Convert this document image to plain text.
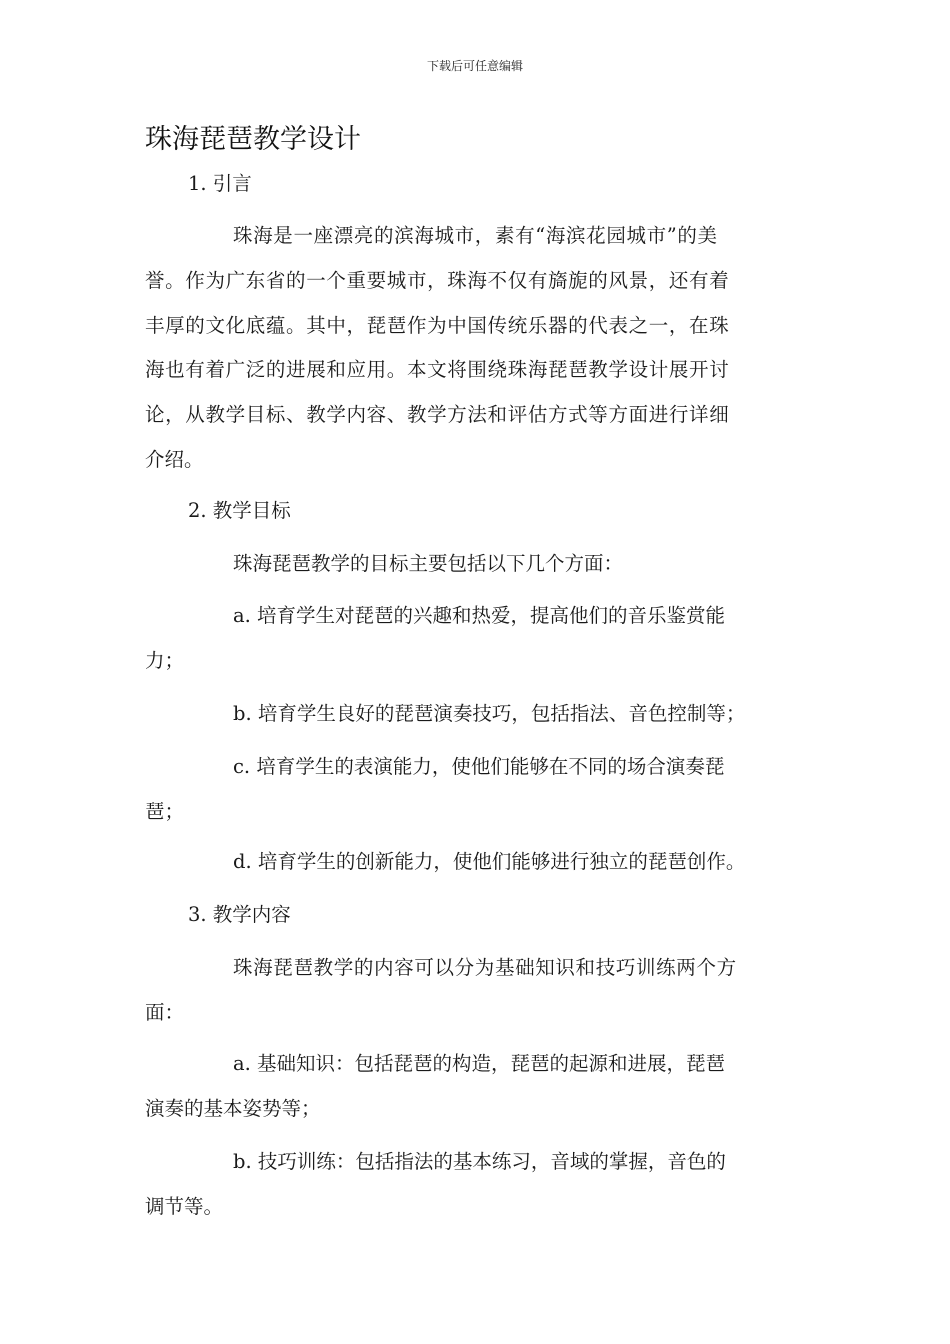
下载后可任意编辑
珠海琵琶教学设计
1. 引言
珠海是一座漂亮的滨海城市，素有“海滨花园城市”的美
誉。作为广东省的一个重要城市，珠海不仅有旖旎的风景，还有着
丰厚的文化底蕴。其中，琵琶作为中国传统乐器的代表之一，在珠
海也有着广泛的进展和应用。本文将围绕珠海琵琶教学设计展开讨
论，从教学目标、教学内容、教学方法和评估方式等方面进行详细
介绍。
2. 教学目标
珠海琵琶教学的目标主要包括以下几个方面：
a. 培育学生对琵琶的兴趣和热爱，提高他们的音乐鉴赏能
力；
b. 培育学生良好的琵琶演奏技巧，包括指法、音色控制等；
c. 培育学生的表演能力，使他们能够在不同的场合演奏琵
琶；
d. 培育学生的创新能力，使他们能够进行独立的琵琶创作。
3. 教学内容
珠海琵琶教学的内容可以分为基础知识和技巧训练两个方
面：
a. 基础知识：包括琵琶的构造，琵琶的起源和进展，琵琶
演奏的基本姿势等；
b. 技巧训练：包括指法的基本练习，音域的掌握，音色的
调节等。
